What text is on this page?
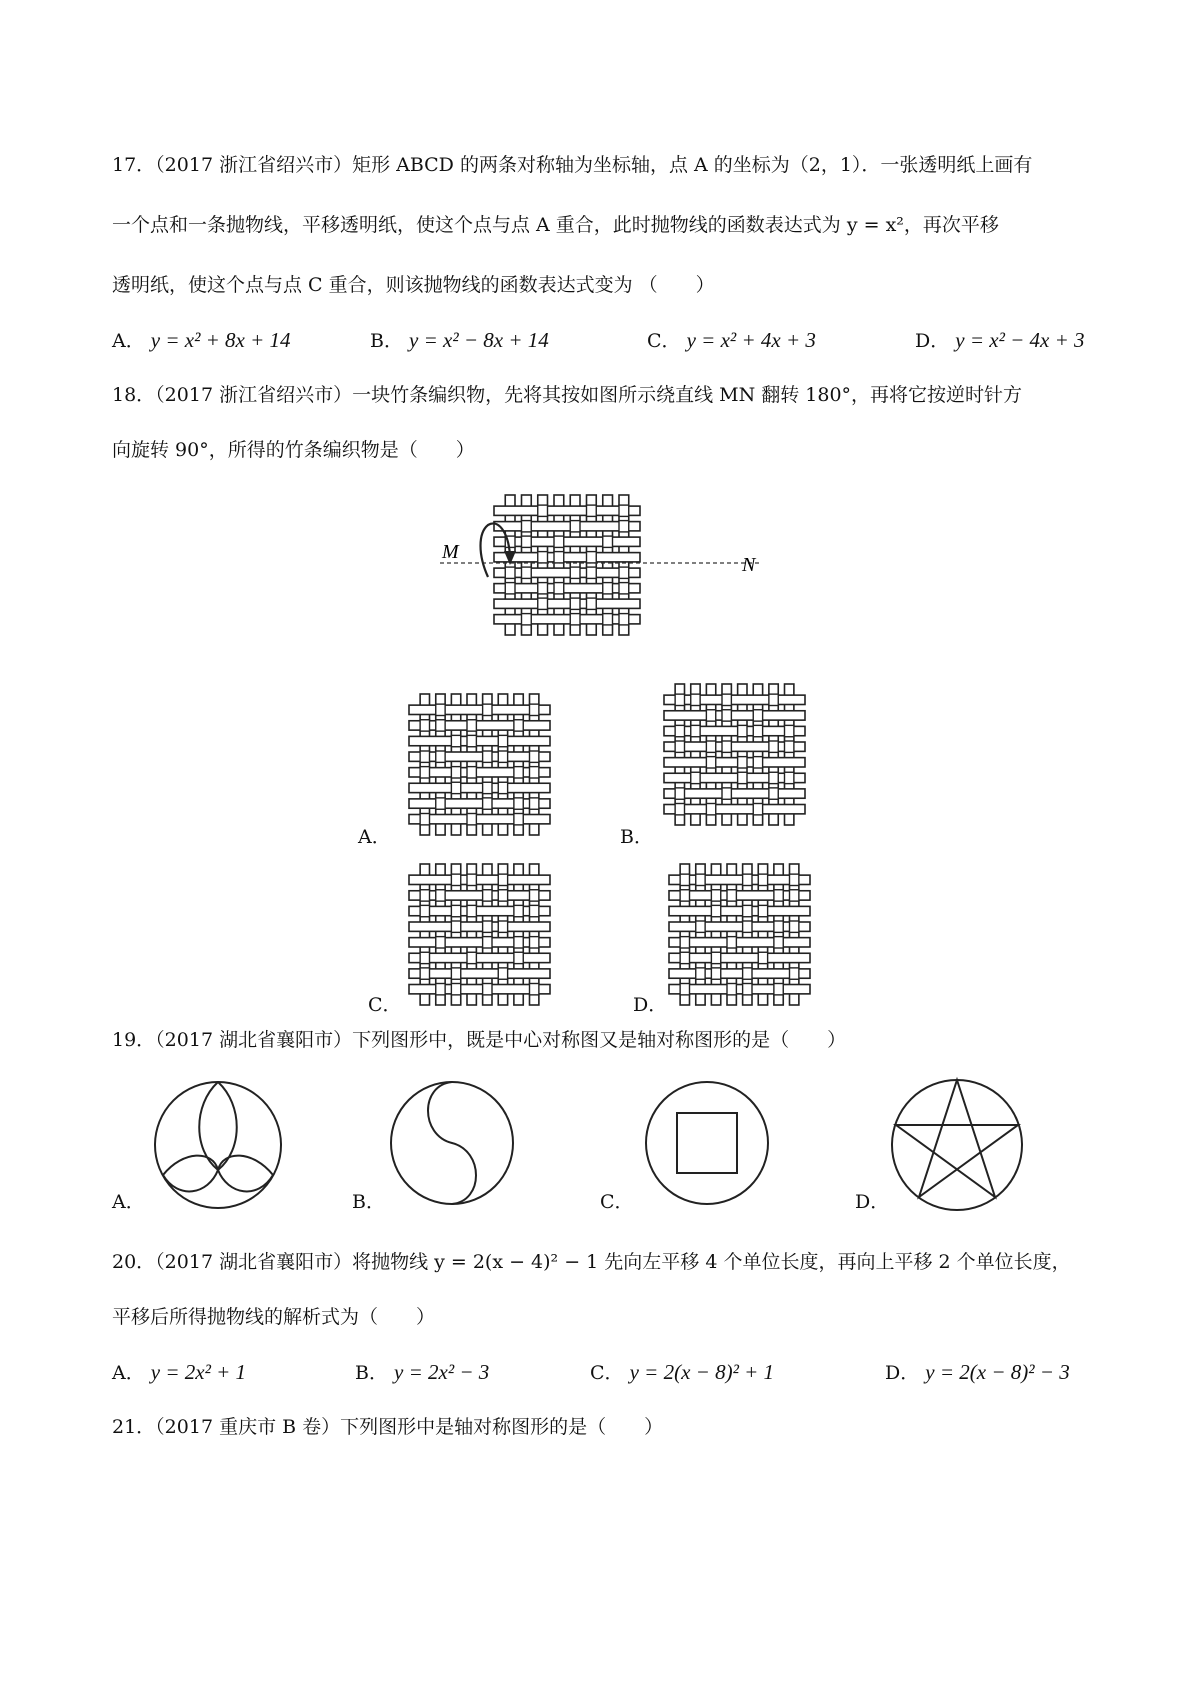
17．（2017 浙江省绍兴市）矩形 ABCD 的两条对称轴为坐标轴，点 A 的坐标为（2，1）．一张透明纸上画有
一个点和一条抛物线，平移透明纸，使这个点与点 A 重合，此时抛物线的函数表达式为 y = x²，再次平移
透明纸，使这个点与点 C 重合，则该抛物线的函数表达式变为 （　　）
A． y = x² + 8x + 14	B． y = x² − 8x + 14	C． y = x² + 4x + 3	D． y = x² − 4x + 3
18．（2017 浙江省绍兴市）一块竹条编织物，先将其按如图所示绕直线 MN 翻转 180°，再将它按逆时针方
向旋转 90°，所得的竹条编织物是（　　）
M
N
A．	B．
C．	D．
19．（2017 湖北省襄阳市）下列图形中，既是中心对称图又是轴对称图形的是（　　）
A．	B．	C．	D．
20．（2017 湖北省襄阳市）将抛物线 y = 2(x − 4)² − 1 先向左平移 4 个单位长度，再向上平移 2 个单位长度，
平移后所得抛物线的解析式为（　　）
A． y = 2x² + 1	B． y = 2x² − 3	C． y = 2(x − 8)² + 1	D． y = 2(x − 8)² − 3
21．（2017 重庆市 B 卷）下列图形中是轴对称图形的是（　　）
